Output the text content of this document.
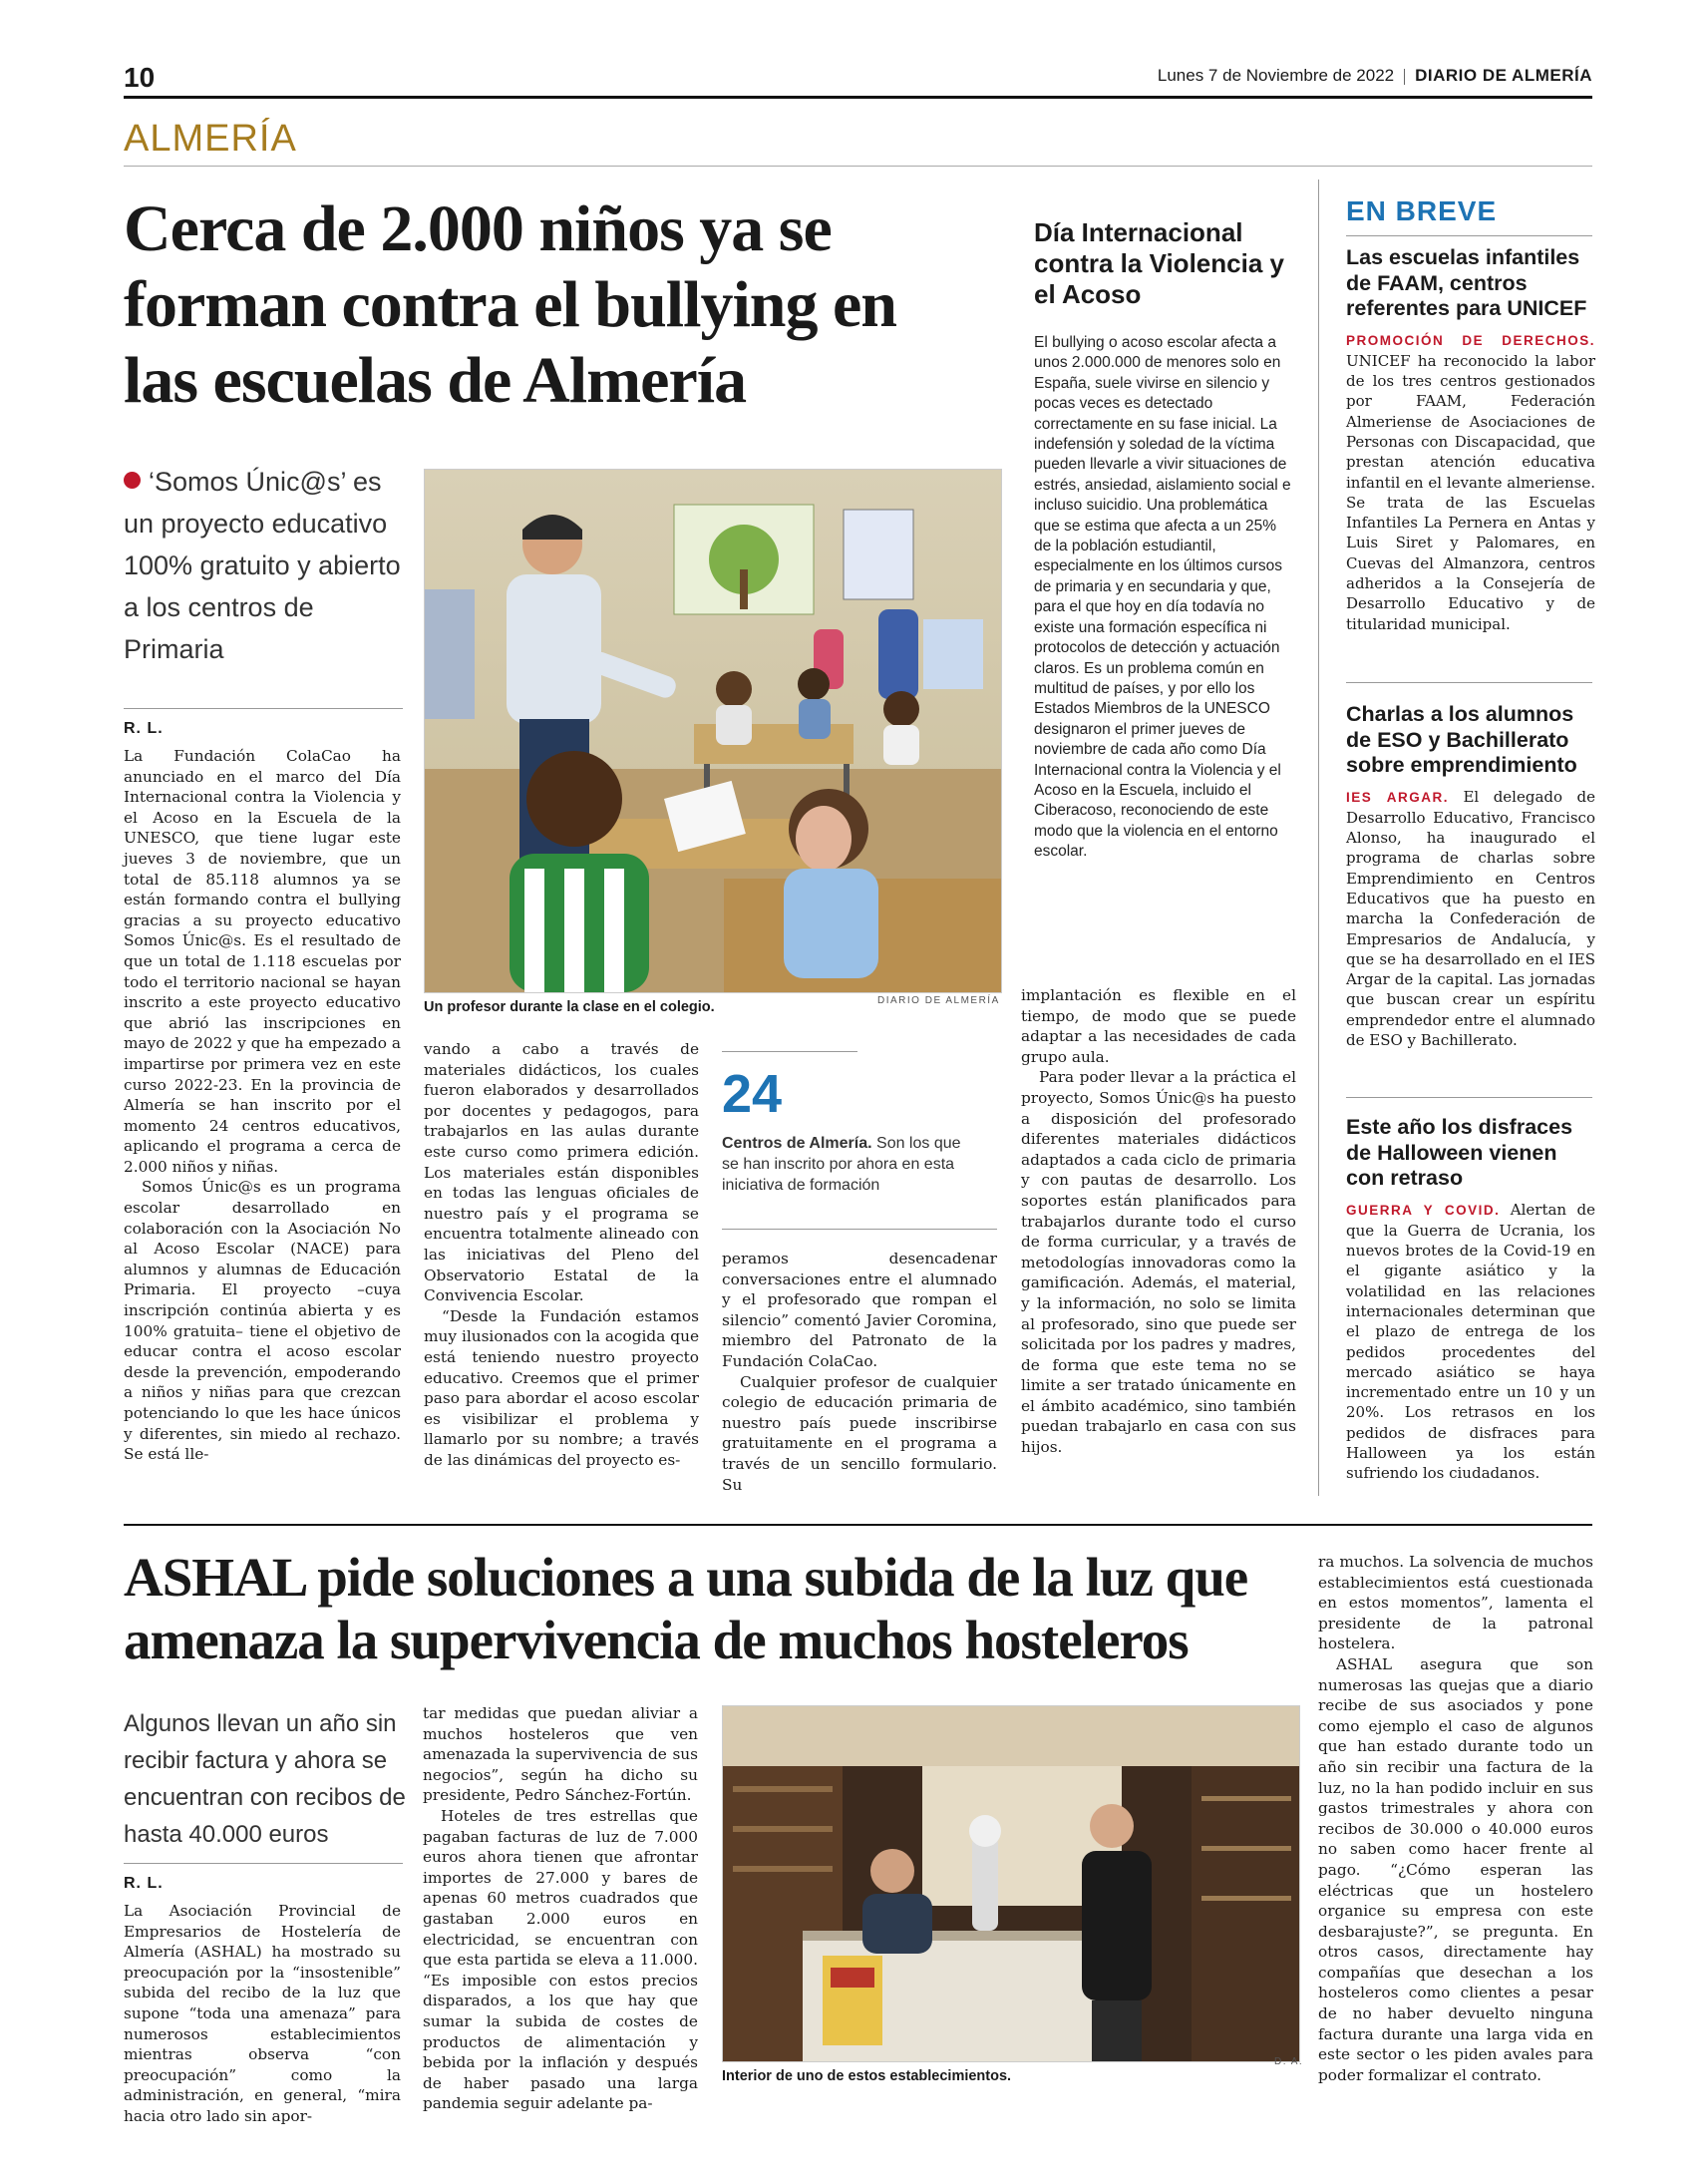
10	Lunes 7 de Noviembre de 2022 DIARIO DE ALMERÍA
ALMERÍA
Cerca de 2.000 niños ya se forman contra el bullying en las escuelas de Almería
‘Somos Únic@s’ es un proyecto educativo 100% gratuito y abierto a los centros de Primaria
R. L.

La Fundación ColaCao ha anunciado en el marco del Día Internacional contra la Violencia y el Acoso en la Escuela de la UNESCO, que tiene lugar este jueves 3 de noviembre, que un total de 85.118 alumnos ya se están formando contra el bullying gracias a su proyecto educativo Somos Únic@s. Es el resultado de que un total de 1.118 escuelas por todo el territorio nacional se hayan inscrito a este proyecto educativo que abrió las inscripciones en mayo de 2022 y que ha empezado a impartirse por primera vez en este curso 2022-23. En la provincia de Almería se han inscrito por el momento 24 centros educativos, aplicando el programa a cerca de 2.000 niños y niñas.

Somos Únic@s es un programa escolar desarrollado en colaboración con la Asociación No al Acoso Escolar (NACE) para alumnos y alumnas de Educación Primaria. El proyecto –cuya inscripción continúa abierta y es 100% gratuita– tiene el objetivo de educar contra el acoso escolar desde la prevención, empoderando a niños y niñas para que crezcan potenciando lo que les hace únicos y diferentes, sin miedo al rechazo. Se está lle-

Un profesor durante la clase en el colegio.	DIARIO DE ALMERÍA

vando a cabo a través de materiales didácticos, los cuales fueron elaborados y desarrollados por docentes y pedagogos, para trabajarlos en las aulas durante este curso como primera edición. Los materiales están disponibles en todas las lenguas oficiales de nuestro país y el programa se encuentra totalmente alineado con las iniciativas del Pleno del Observatorio Estatal de la Convivencia Escolar.

“Desde la Fundación estamos muy ilusionados con la acogida que está teniendo nuestro proyecto educativo. Creemos que el primer paso para abordar el acoso escolar es visibilizar el problema y llamarlo por su nombre; a través de las dinámicas del proyecto es-

24
Centros de Almería. Son los que se han inscrito por ahora en esta iniciativa de formación

peramos desencadenar conversaciones entre el alumnado y el profesorado que rompan el silencio” comentó Javier Coromina, miembro del Patronato de la Fundación ColaCao.

Cualquier profesor de cualquier colegio de educación primaria de nuestro país puede inscribirse gratuitamente en el programa a través de un sencillo formulario. Su

Día Internacional contra la Violencia y el Acoso
El bullying o acoso escolar afecta a unos 2.000.000 de menores solo en España, suele vivirse en silencio y pocas veces es detectado correctamente en su fase inicial. La indefensión y soledad de la víctima pueden llevarle a vivir situaciones de estrés, ansiedad, aislamiento social e incluso suicidio. Una problemática que se estima que afecta a un 25% de la población estudiantil, especialmente en los últimos cursos de primaria y en secundaria y que, para el que hoy en día todavía no existe una formación específica ni protocolos de detección y actuación claros. Es un problema común en multitud de países, y por ello los Estados Miembros de la UNESCO designaron el primer jueves de noviembre de cada año como Día Internacional contra la Violencia y el Acoso en la Escuela, incluido el Ciberacoso, reconociendo de este modo que la violencia en el entorno escolar.

implantación es flexible en el tiempo, de modo que se puede adaptar a las necesidades de cada grupo aula.

Para poder llevar a la práctica el proyecto, Somos Únic@s ha puesto a disposición del profesorado diferentes materiales didácticos adaptados a cada ciclo de primaria y con pautas de desarrollo. Los soportes están planificados para trabajarlos durante todo el curso de forma curricular, y a través de metodologías innovadoras como la gamificación. Además, el material, y la información, no solo se limita al profesorado, sino que puede ser solicitada por los padres y madres, de forma que este tema no se limite a ser tratado únicamente en el ámbito académico, sino también puedan trabajarlo en casa con sus hijos.

EN BREVE
Las escuelas infantiles de FAAM, centros referentes para UNICEF
PROMOCIÓN DE DERECHOS. UNICEF ha reconocido la labor de los tres centros gestionados por FAAM, Federación Almeriense de Asociaciones de Personas con Discapacidad, que prestan atención educativa infantil en el levante almeriense. Se trata de las Escuelas Infantiles La Pernera en Antas y Luis Siret y Palomares, en Cuevas del Almanzora, centros adheridos a la Consejería de Desarrollo Educativo y de titularidad municipal.
Charlas a los alumnos de ESO y Bachillerato sobre emprendimiento
IES ARGAR. El delegado de Desarrollo Educativo, Francisco Alonso, ha inaugurado el programa de charlas sobre Emprendimiento en Centros Educativos que ha puesto en marcha la Confederación de Empresarios de Andalucía, y que se ha desarrollado en el IES Argar de la capital. Las jornadas que buscan crear un espíritu emprendedor entre el alumnado de ESO y Bachillerato.
Este año los disfraces de Halloween vienen con retraso
GUERRA Y COVID. Alertan de que la Guerra de Ucrania, los nuevos brotes de la Covid-19 en el gigante asiático y la volatilidad en las relaciones internacionales determinan que el plazo de entrega de los pedidos procedentes del mercado asiático se haya incrementado entre un 10 y un 20%. Los retrasos en los pedidos de disfraces para Halloween ya los están sufriendo los ciudadanos.
ASHAL pide soluciones a una subida de la luz que amenaza la supervivencia de muchos hosteleros
Algunos llevan un año sin recibir factura y ahora se encuentran con recibos de hasta 40.000 euros
R. L.

La Asociación Provincial de Empresarios de Hostelería de Almería (ASHAL) ha mostrado su preocupación por la “insostenible” subida del recibo de la luz que supone “toda una amenaza” para numerosos establecimientos mientras observa “con preocupación” como la administración, en general, “mira hacia otro lado sin apor-

tar medidas que puedan aliviar a muchos hosteleros que ven amenazada la supervivencia de sus negocios”, según ha dicho su presidente, Pedro Sánchez-Fortún.

Hoteles de tres estrellas que pagaban facturas de luz de 7.000 euros ahora tienen que afrontar importes de 27.000 y bares de apenas 60 metros cuadrados que gastaban 2.000 euros en electricidad, se encuentran con que esta partida se eleva a 11.000. “Es imposible con estos precios disparados, a los que hay que sumar la subida de costes de productos de alimentación y bebida por la inflación y después de haber pasado una larga pandemia seguir adelante pa-

Interior de uno de estos establecimientos.
D. A.

ra muchos. La solvencia de muchos establecimientos está cuestionada en estos momentos”, lamenta el presidente de la patronal hostelera.

ASHAL asegura que son numerosas las quejas que a diario recibe de sus asociados y pone como ejemplo el caso de algunos que han estado durante todo un año sin recibir una factura de la luz, no la han podido incluir en sus gastos trimestrales y ahora con recibos de 30.000 o 40.000 euros no saben como hacer frente al pago. “¿Cómo esperan las eléctricas que un hostelero organice su empresa con este desbarajuste?”, se pregunta. En otros casos, directamente hay compañías que desechan a los hosteleros como clientes a pesar de no haber devuelto ninguna factura durante una larga vida en este sector o les piden avales para poder formalizar el contrato.
